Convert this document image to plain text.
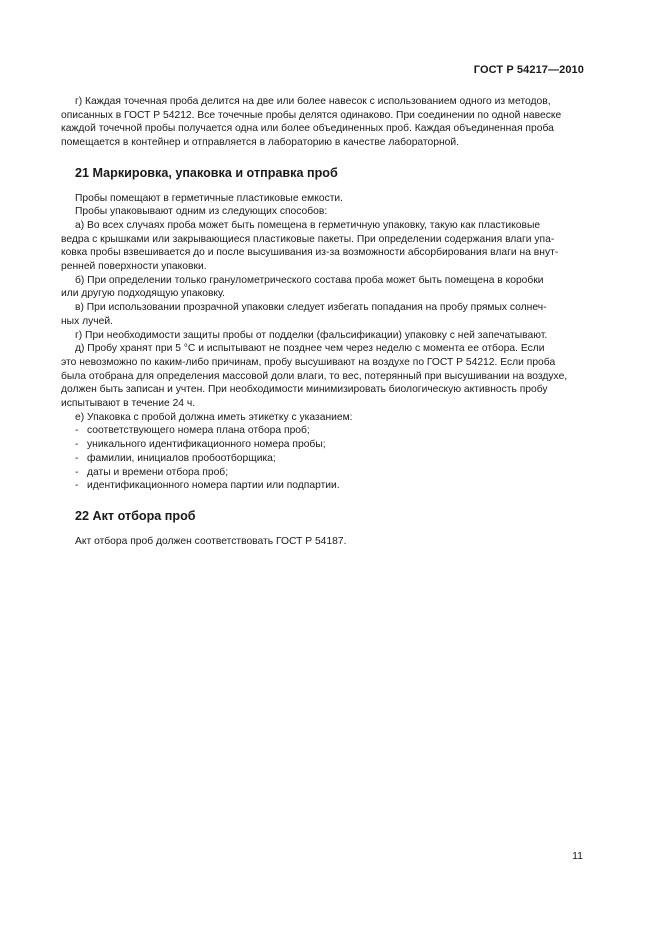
ГОСТ Р 54217—2010
г) Каждая точечная проба делится на две или более навесок с использованием одного из методов,
описанных в ГОСТ Р 54212. Все точечные пробы делятся одинаково. При соединении по одной навеске
каждой точечной пробы получается одна или более объединенных проб. Каждая объединенная проба
помещается в контейнер и отправляется в лабораторию в качестве лабораторной.
21 Маркировка, упаковка и отправка проб
Пробы помещают в герметичные пластиковые емкости.
Пробы упаковывают одним из следующих способов:
а) Во всех случаях проба может быть помещена в герметичную упаковку, такую как пластиковые
ведра с крышками или закрывающиеся пластиковые пакеты. При определении содержания влаги упа-
ковка пробы взвешивается до и после высушивания из-за возможности абсорбирования влаги на внут-
ренней поверхности упаковки.
б) При определении только гранулометрического состава проба может быть помещена в коробки
или другую подходящую упаковку.
в) При использовании прозрачной упаковки следует избегать попадания на пробу прямых солнеч-
ных лучей.
г) При необходимости защиты пробы от подделки (фальсификации) упаковку с ней запечатывают.
д) Пробу хранят при 5 °С и испытывают не позднее чем через неделю с момента ее отбора. Если
это невозможно по каким-либо причинам, пробу высушивают на воздухе по ГОСТ Р 54212. Если проба
была отобрана для определения массовой доли влаги, то вес, потерянный при высушивании на воздухе,
должен быть записан и учтен. При необходимости минимизировать биологическую активность пробу
испытывают в течение 24 ч.
е) Упаковка с пробой должна иметь этикетку с указанием:
- соответствующего номера плана отбора проб;
- уникального идентификационного номера пробы;
- фамилии, инициалов пробоотборщика;
- даты и времени отбора проб;
- идентификационного номера партии или подпартии.
22 Акт отбора проб
Акт отбора проб должен соответствовать ГОСТ Р 54187.
11
